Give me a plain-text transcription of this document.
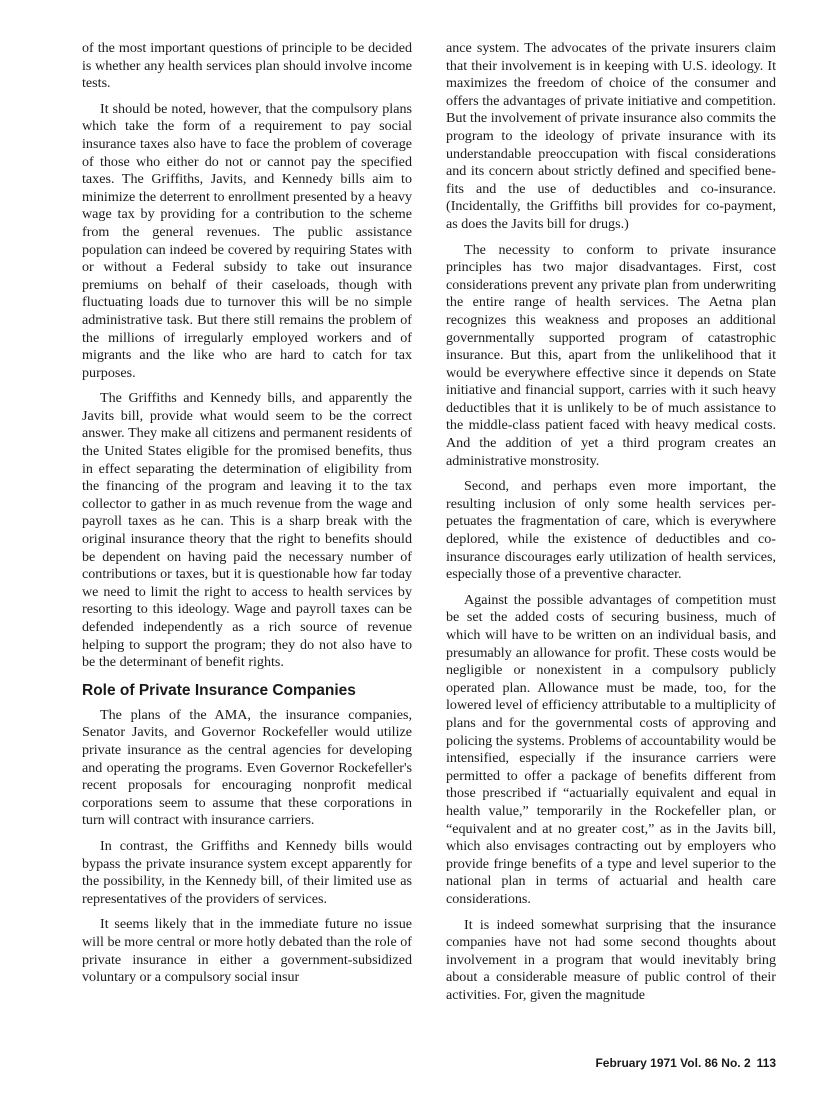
of the most important questions of principle to be decided is whether any health services plan should involve income tests.

It should be noted, however, that the compulsory plans which take the form of a requirement to pay social insurance taxes also have to face the problem of coverage of those who either do not or cannot pay the specified taxes. The Griffiths, Javits, and Kennedy bills aim to minimize the deterrent to enrollment presented by a heavy wage tax by providing for a contribution to the scheme from the general revenues. The public assistance population can indeed be covered by requiring States with or without a Federal subsidy to take out insurance premiums on behalf of their caseloads, though with fluctuating loads due to turnover this will be no simple administrative task. But there still remains the problem of the millions of irregularly employed workers and of migrants and the like who are hard to catch for tax purposes.

The Griffiths and Kennedy bills, and apparently the Javits bill, provide what would seem to be the correct answer. They make all citizens and permanent residents of the United States eligible for the promised benefits, thus in effect separating the determination of eligibility from the financing of the program and leaving it to the tax collector to gather in as much revenue from the wage and payroll taxes as he can. This is a sharp break with the original insurance theory that the right to benefits should be dependent on having paid the necessary number of contributions or taxes, but it is questionable how far today we need to limit the right to access to health services by resorting to this ideology. Wage and payroll taxes can be defended independently as a rich source of revenue helping to support the program; they do not also have to be the determinant of benefit rights.

Role of Private Insurance Companies

The plans of the AMA, the insurance companies, Senator Javits, and Governor Rockefeller would utilize private insurance as the central agencies for developing and operating the programs. Even Governor Rockefeller's recent proposals for encouraging nonprofit medical corporations seem to assume that these corporations in turn will contract with insurance carriers.

In contrast, the Griffiths and Kennedy bills would bypass the private insurance system except apparently for the possibility, in the Kennedy bill, of their limited use as representatives of the providers of services.

It seems likely that in the immediate future no issue will be more central or more hotly debated than the role of private insurance in either a government-subsidized voluntary or a compulsory social insur

ance system. The advocates of the private insurers claim that their involvement is in keeping with U.S. ideology. It maximizes the freedom of choice of the consumer and offers the advantages of private initiative and competition. But the involvement of private insurance also commits the program to the ideology of private insurance with its understandable preoccupation with fiscal considerations and its concern about strictly defined and specified benefits and the use of deductibles and co-insurance. (Incidentally, the Griffiths bill provides for co-payment, as does the Javits bill for drugs.)

The necessity to conform to private insurance principles has two major disadvantages. First, cost considerations prevent any private plan from underwriting the entire range of health services. The Aetna plan recognizes this weakness and proposes an additional governmentally supported program of catastrophic insurance. But this, apart from the unlikelihood that it would be everywhere effective since it depends on State initiative and financial support, carries with it such heavy deductibles that it is unlikely to be of much assistance to the middle-class patient faced with heavy medical costs. And the addition of yet a third program creates an administrative monstrosity.

Second, and perhaps even more important, the resulting inclusion of only some health services perpetuates the fragmentation of care, which is everywhere deplored, while the existence of deductibles and co-insurance discourages early utilization of health services, especially those of a preventive character.

Against the possible advantages of competition must be set the added costs of securing business, much of which will have to be written on an individual basis, and presumably an allowance for profit. These costs would be negligible or nonexistent in a compulsory publicly operated plan. Allowance must be made, too, for the lowered level of efficiency attributable to a multiplicity of plans and for the governmental costs of approving and policing the systems. Problems of accountability would be intensified, especially if the insurance carriers were permitted to offer a package of benefits different from those prescribed if “actuarially equivalent and equal in health value,” temporarily in the Rockefeller plan, or “equivalent and at no greater cost,” as in the Javits bill, which also envisages contracting out by employers who provide fringe benefits of a type and level superior to the national plan in terms of actuarial and health care considerations.

It is indeed somewhat surprising that the insurance companies have not had some second thoughts about involvement in a program that would inevitably bring about a considerable measure of public control of their activities. For, given the magnitude

February 1971 Vol. 86 No. 2 113
